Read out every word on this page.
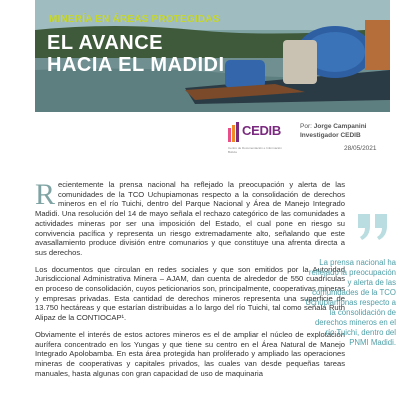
MINERÍA EN ÁREAS PROTEGIDAS
EL AVANCE
HACIA EL MADIDI
CEDIB
Centro de Documentación e Información Bolivia
Por: Jorge Campanini
Investigador CEDIB
28/05/2021

Recientemente la prensa nacional ha reflejado la preocupación y alerta de las comunidades de la TCO Uchupiamonas respecto a la consolidación de derechos mineros en el río Tuichi, dentro del Parque Nacional y Área de Manejo Integrado Madidi. Una resolución del 14 de mayo señala el rechazo categórico de las comunidades a actividades mineras por ser una imposición del Estado, el cual pone en riesgo su convivencia pacífica y representa un riesgo extremadamente alto, señalando que este avasallamiento produce división entre comunarios y que constituye una afrenta directa a sus derechos.

Los documentos que circulan en redes sociales y que son emitidos por la Autoridad Jurisdiccional Administrativa Minera – AJAM, dan cuenta de alrededor de 550 cuadrículas en proceso de consolidación, cuyos peticionarios son, principalmente, cooperativas mineras y empresas privadas. Esta cantidad de derechos mineros representa una superficie de 13.750 hectáreas y que estarían distribuidas a lo largo del río Tuichi, tal como señala Ruth Alipaz de la CONTIOCAP¹.

Obviamente el interés de estos actores mineros es el de ampliar el núcleo de explotación aurífera concentrado en los Yungas y que tiene su centro en el Área Natural de Manejo Integrado Apolobamba. En esta área protegida han proliferado y ampliado las operaciones mineras de cooperativas y capitales privados, las cuales van desde pequeñas tareas manuales, hasta algunas con gran capacidad de uso de maquinaria

La prensa nacional ha reflejado la preocupación y alerta de las comunidades de la TCO Uchupiamonas respecto a la consolidación de derechos mineros en el río Tuichi, dentro del PNMI Madidi.
